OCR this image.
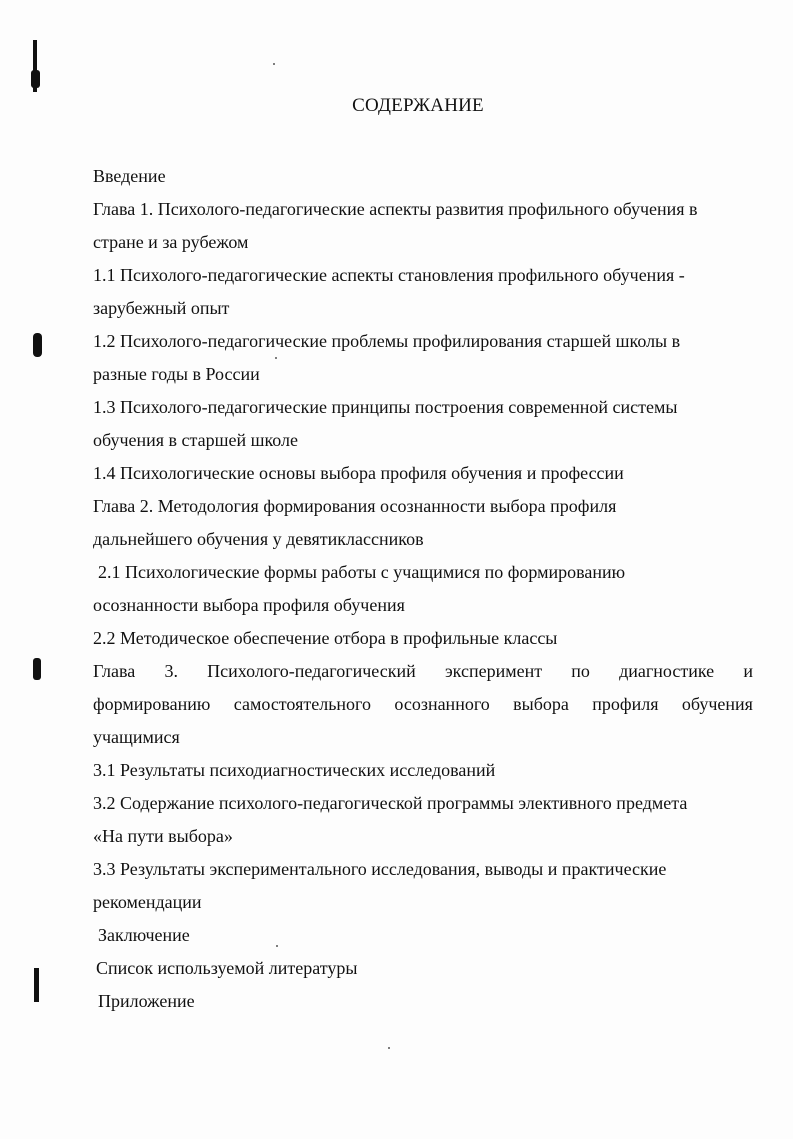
СОДЕРЖАНИЕ
Введение
Глава 1. Психолого-педагогические аспекты развития профильного обучения в
стране и за рубежом
1.1 Психолого-педагогические аспекты становления профильного обучения -
зарубежный опыт
1.2 Психолого-педагогические проблемы профилирования старшей школы в
разные годы в России
1.3 Психолого-педагогические принципы построения современной системы
обучения в старшей школе
1.4 Психологические основы выбора профиля обучения и профессии
Глава 2. Методология формирования осознанности выбора профиля
дальнейшего обучения у девятиклассников
2.1 Психологические формы работы с учащимися по формированию
осознанности выбора профиля обучения
2.2 Методическое обеспечение отбора в профильные классы
Глава 3. Психолого-педагогический эксперимент по диагностике и
формированию самостоятельного осознанного выбора профиля обучения
учащимися
3.1 Результаты психодиагностических исследований
3.2 Содержание психолого-педагогической программы элективного предмета
«На пути выбора»
3.3 Результаты экспериментального исследования, выводы и практические
рекомендации
Заключение
Список используемой литературы
Приложение
